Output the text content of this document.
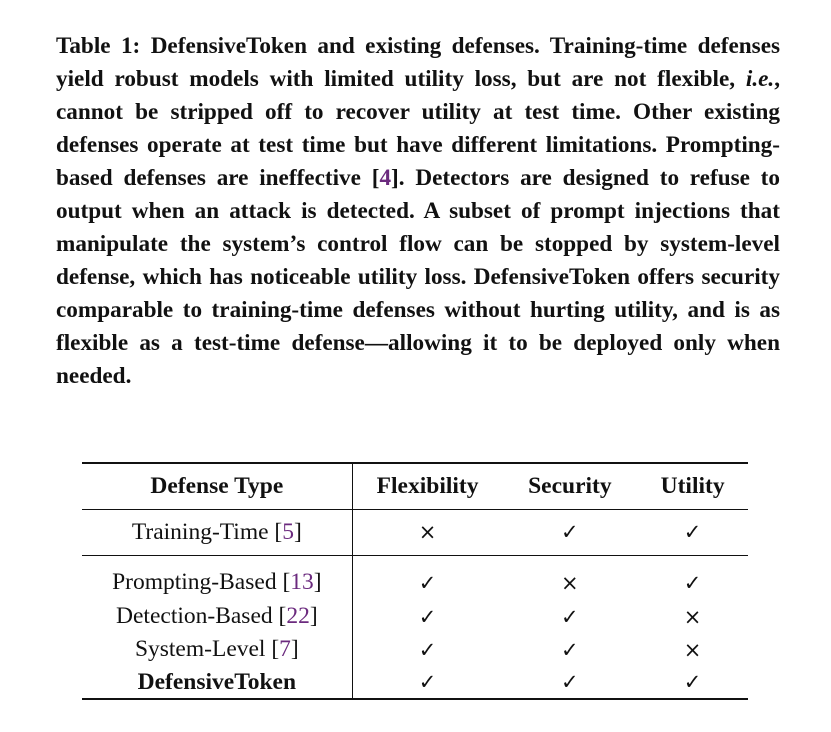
Table 1: DefensiveToken and existing defenses. Training-time defenses yield robust models with limited utility loss, but are not flexible, i.e., cannot be stripped off to recover utility at test time. Other existing defenses operate at test time but have different limitations. Prompting-based defenses are ineffective [4]. Detectors are designed to refuse to output when an attack is detected. A subset of prompt injections that manipulate the system’s control flow can be stopped by system-level defense, which has noticeable utility loss. DefensiveToken offers security comparable to training-time defenses without hurting utility, and is as flexible as a test-time defense—allowing it to be deployed only when needed.

Defense Type	Flexibility	Security	Utility
Training-Time [5]	×	✓	✓
Prompting-Based [13]	✓	×	✓
Detection-Based [22]	✓	✓	×
System-Level [7]	✓	✓	×
DefensiveToken	✓	✓	✓
